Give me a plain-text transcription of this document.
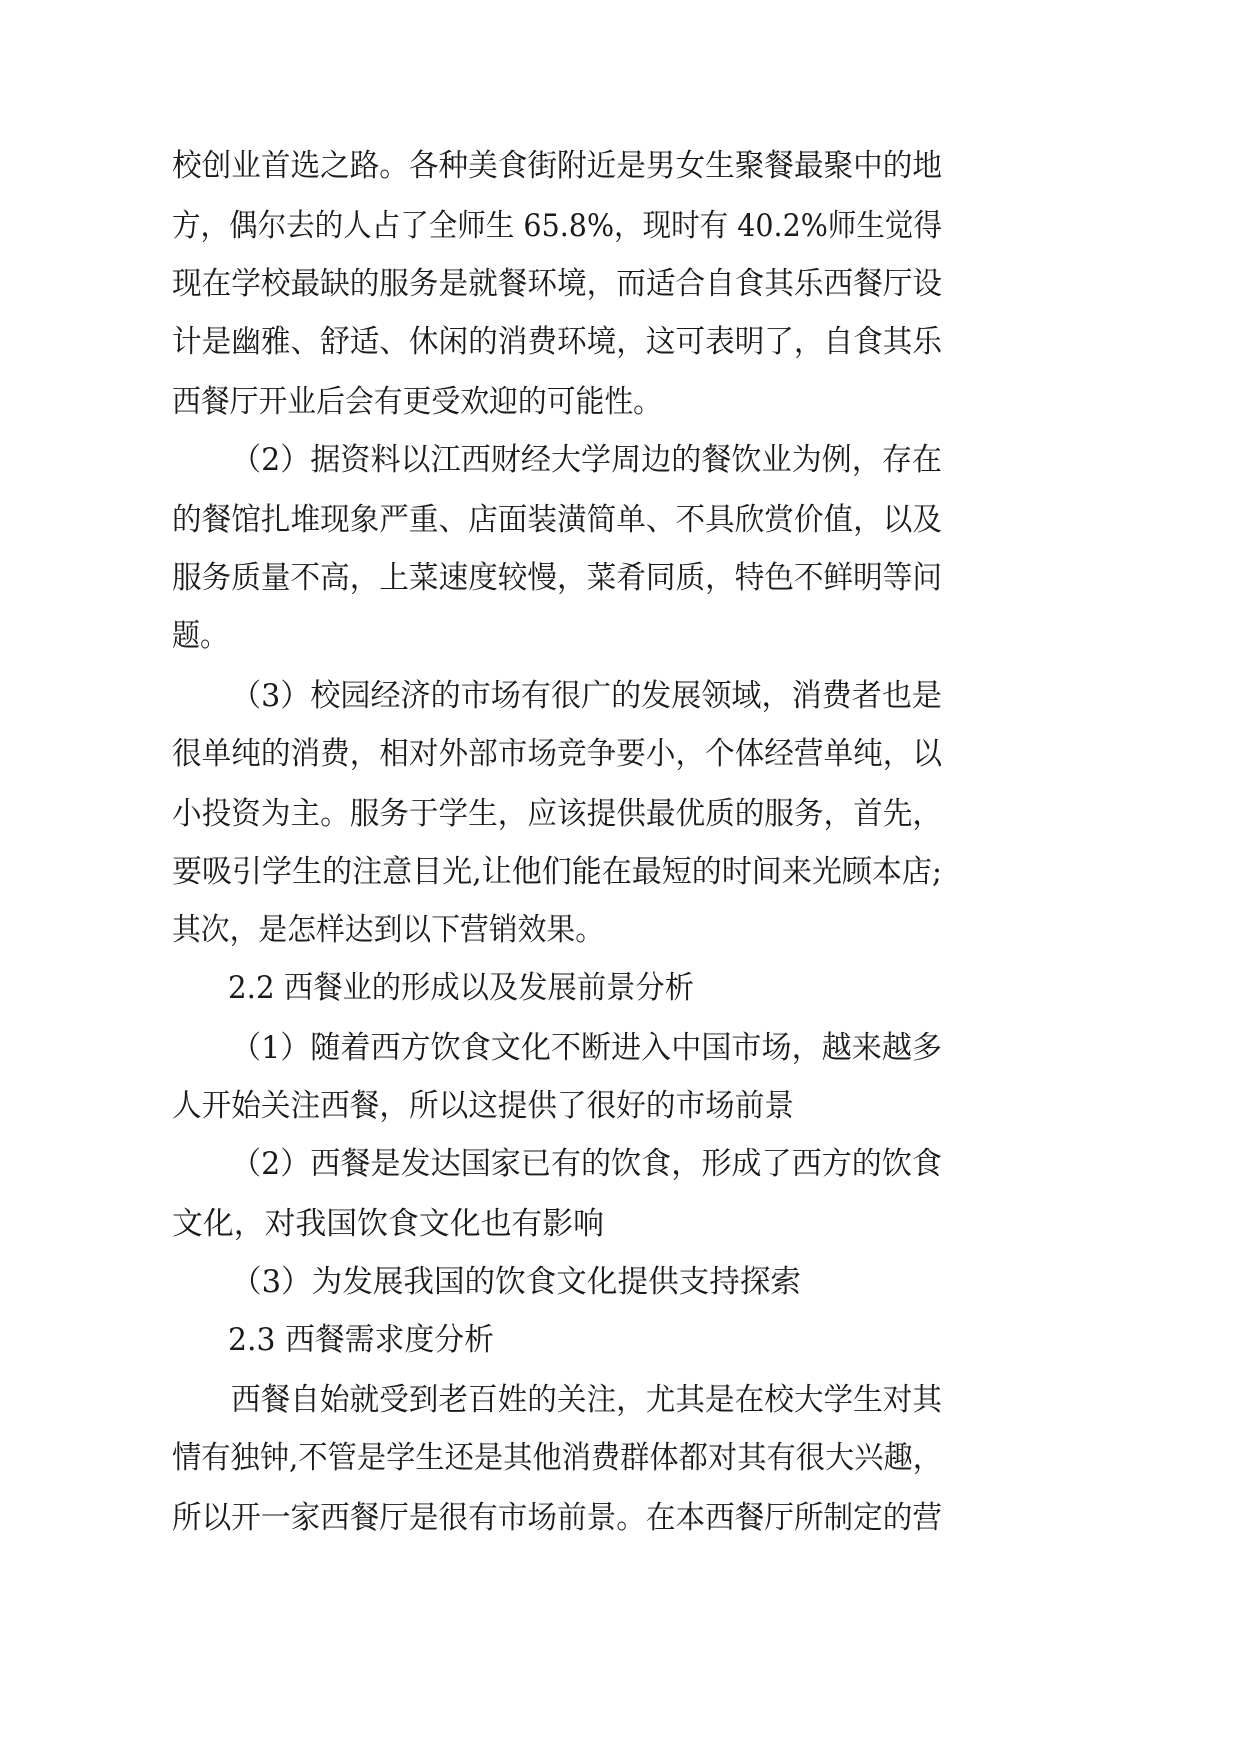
校创业首选之路。各种美食街附近是男女生聚餐最聚中的地

方，偶尔去的人占了全师生 65.8%，现时有 40.2%师生觉得

现在学校最缺的服务是就餐环境，而适合自食其乐西餐厅设

计是幽雅、舒适、休闲的消费环境，这可表明了，自食其乐

西餐厅开业后会有更受欢迎的可能性。

（2）据资料以江西财经大学周边的餐饮业为例，存在

的餐馆扎堆现象严重、店面装潢简单、不具欣赏价值，以及

服务质量不高，上菜速度较慢，菜肴同质，特色不鲜明等问

题。

（3）校园经济的市场有很广的发展领域，消费者也是

很单纯的消费，相对外部市场竞争要小，个体经营单纯，以

小投资为主。服务于学生，应该提供最优质的服务，首先，

要吸引学生的注意目光,让他们能在最短的时间来光顾本店;

其次，是怎样达到以下营销效果。

2.2 西餐业的形成以及发展前景分析

（1）随着西方饮食文化不断进入中国市场，越来越多

人开始关注西餐，所以这提供了很好的市场前景

（2）西餐是发达国家已有的饮食，形成了西方的饮食

文化，对我国饮食文化也有影响

（3）为发展我国的饮食文化提供支持探索

2.3 西餐需求度分析

西餐自始就受到老百姓的关注，尤其是在校大学生对其

情有独钟,不管是学生还是其他消费群体都对其有很大兴趣，

所以开一家西餐厅是很有市场前景。在本西餐厅所制定的营
